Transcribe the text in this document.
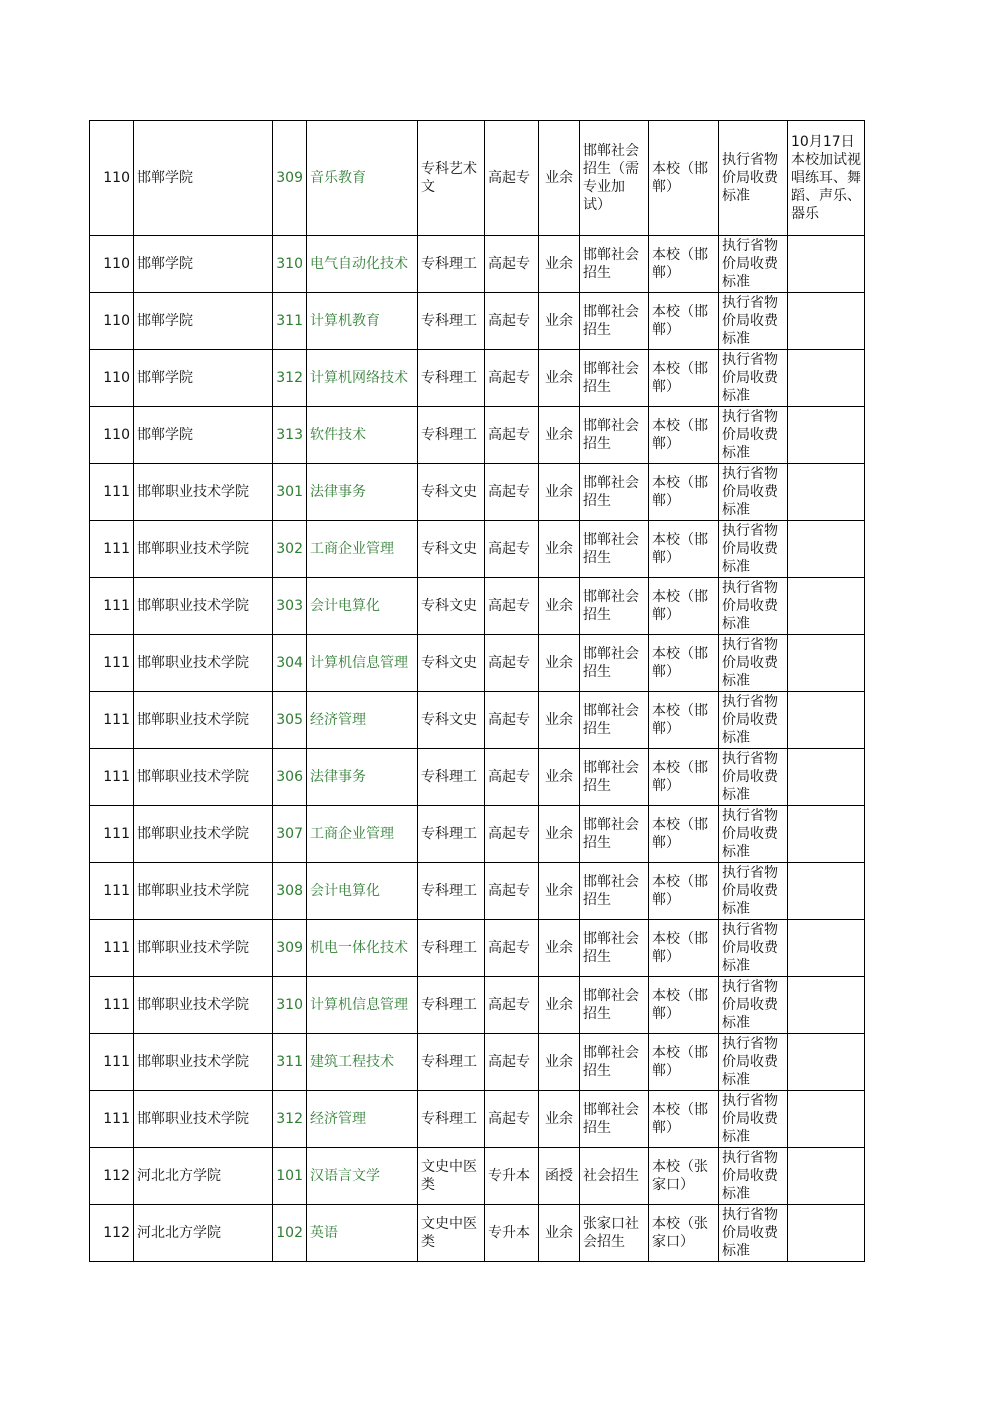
110	邯郸学院	309	音乐教育	专科艺术文	高起专	业余	邯郸社会招生（需专业加试）	本校（邯郸）	执行省物价局收费标准	10月17日本校加试视唱练耳、舞蹈、声乐、器乐
110	邯郸学院	310	电气自动化技术	专科理工	高起专	业余	邯郸社会招生	本校（邯郸）	执行省物价局收费标准	
110	邯郸学院	311	计算机教育	专科理工	高起专	业余	邯郸社会招生	本校（邯郸）	执行省物价局收费标准	
110	邯郸学院	312	计算机网络技术	专科理工	高起专	业余	邯郸社会招生	本校（邯郸）	执行省物价局收费标准	
110	邯郸学院	313	软件技术	专科理工	高起专	业余	邯郸社会招生	本校（邯郸）	执行省物价局收费标准	
111	邯郸职业技术学院	301	法律事务	专科文史	高起专	业余	邯郸社会招生	本校（邯郸）	执行省物价局收费标准	
111	邯郸职业技术学院	302	工商企业管理	专科文史	高起专	业余	邯郸社会招生	本校（邯郸）	执行省物价局收费标准	
111	邯郸职业技术学院	303	会计电算化	专科文史	高起专	业余	邯郸社会招生	本校（邯郸）	执行省物价局收费标准	
111	邯郸职业技术学院	304	计算机信息管理	专科文史	高起专	业余	邯郸社会招生	本校（邯郸）	执行省物价局收费标准	
111	邯郸职业技术学院	305	经济管理	专科文史	高起专	业余	邯郸社会招生	本校（邯郸）	执行省物价局收费标准	
111	邯郸职业技术学院	306	法律事务	专科理工	高起专	业余	邯郸社会招生	本校（邯郸）	执行省物价局收费标准	
111	邯郸职业技术学院	307	工商企业管理	专科理工	高起专	业余	邯郸社会招生	本校（邯郸）	执行省物价局收费标准	
111	邯郸职业技术学院	308	会计电算化	专科理工	高起专	业余	邯郸社会招生	本校（邯郸）	执行省物价局收费标准	
111	邯郸职业技术学院	309	机电一体化技术	专科理工	高起专	业余	邯郸社会招生	本校（邯郸）	执行省物价局收费标准	
111	邯郸职业技术学院	310	计算机信息管理	专科理工	高起专	业余	邯郸社会招生	本校（邯郸）	执行省物价局收费标准	
111	邯郸职业技术学院	311	建筑工程技术	专科理工	高起专	业余	邯郸社会招生	本校（邯郸）	执行省物价局收费标准	
111	邯郸职业技术学院	312	经济管理	专科理工	高起专	业余	邯郸社会招生	本校（邯郸）	执行省物价局收费标准	
112	河北北方学院	101	汉语言文学	文史中医类	专升本	函授	社会招生	本校（张家口）	执行省物价局收费标准	
112	河北北方学院	102	英语	文史中医类	专升本	业余	张家口社会招生	本校（张家口）	执行省物价局收费标准	
